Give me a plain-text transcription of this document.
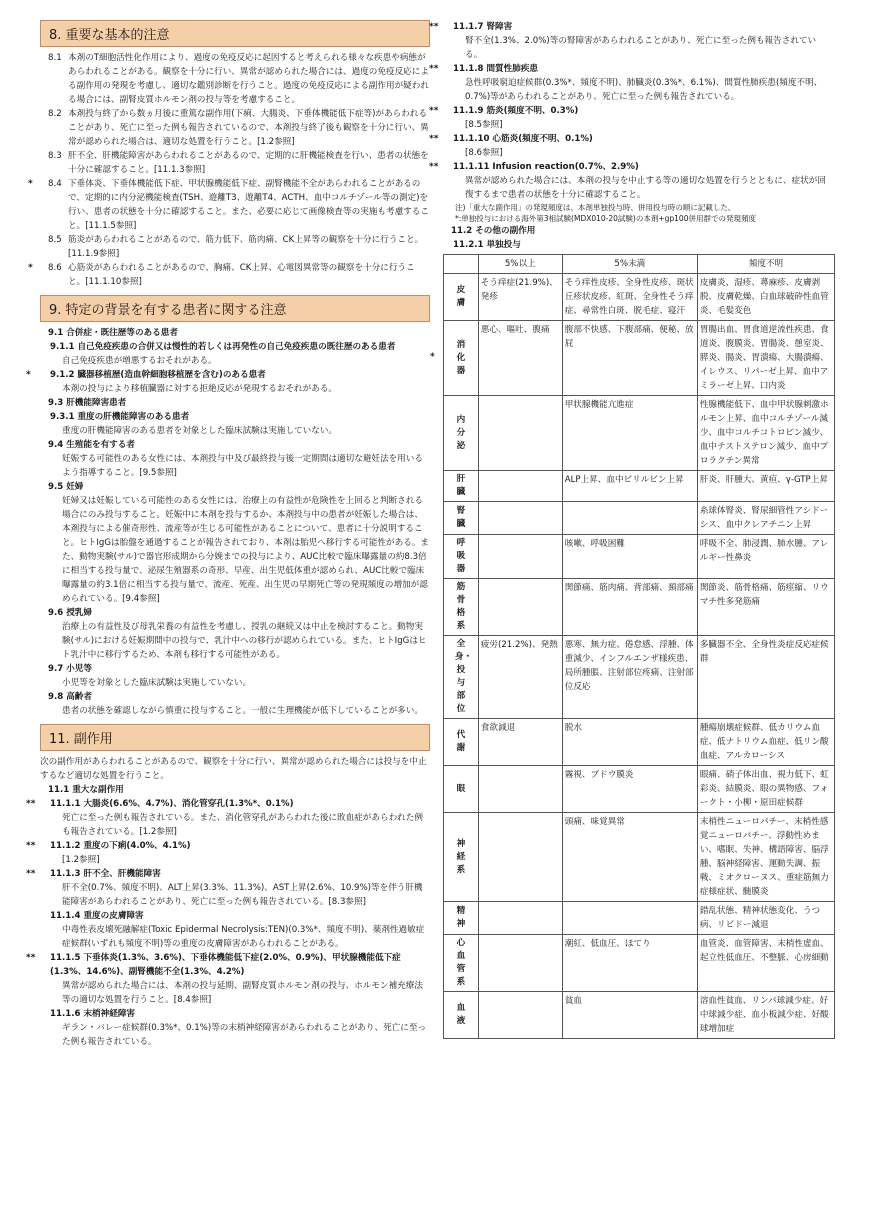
8. 重要な基本的注意
8.1 本剤のT細胞活性化作用により、過度の免疫反応に起因すると考えられる様々な疾患や病態があらわれることがある。観察を十分に行い、異常が認められた場合には、過度の免疫反応による副作用の発現を考慮し、適切な鑑別診断を行うこと。過度の免疫反応による副作用が疑われる場合には、副腎皮質ホルモン剤の投与等を考慮すること。
8.2 本剤投与終了から数ヵ月後に重篤な副作用(下痢、大腸炎、下垂体機能低下症等)があらわれることがあり、死亡に至った例も報告されているので、本剤投与終了後も観察を十分に行い、異常が認められた場合は、適切な処置を行うこと。[1.2参照]
8.3 肝不全、肝機能障害があらわれることがあるので、定期的に肝機能検査を行い、患者の状態を十分に確認すること。[11.1.3参照]
* 8.4 下垂体炎、下垂体機能低下症、甲状腺機能低下症、副腎機能不全があらわれることがあるので、定期的に内分泌機能検査(TSH、遊離T3、遊離T4、ACTH、血中コルチゾール等の測定)を行い、患者の状態を十分に確認すること。また、必要に応じて画像検査等の実施も考慮すること。[11.1.5参照]
8.5 筋炎があらわれることがあるので、筋力低下、筋肉痛、CK上昇等の観察を十分に行うこと。[11.1.9参照]
* 8.6 心筋炎があらわれることがあるので、胸痛、CK上昇、心電図異常等の観察を十分に行うこと。[11.1.10参照]
9. 特定の背景を有する患者に関する注意
9.1 合併症・既往歴等のある患者
9.1.1 自己免疫疾患の合併又は慢性的若しくは再発性の自己免疫疾患の既往歴のある患者
自己免疫疾患が増悪するおそれがある。
* 9.1.2 臓器移植歴(造血幹細胞移植歴を含む)のある患者
本剤の投与により移植臓器に対する拒絶反応が発現するおそれがある。
9.3 肝機能障害患者
9.3.1 重度の肝機能障害のある患者
重度の肝機能障害のある患者を対象とした臨床試験は実施していない。
9.4 生殖能を有する者
妊娠する可能性のある女性には、本剤投与中及び最終投与後一定期間は適切な避妊法を用いるよう指導すること。[9.5参照]
9.5 妊婦
妊婦又は妊娠している可能性のある女性には、治療上の有益性が危険性を上回ると判断される場合にのみ投与すること。妊娠中に本剤を投与するか、本剤投与中の患者が妊娠した場合は、本剤投与による催奇形性、流産等が生じる可能性があることについて、患者に十分説明すること。ヒトIgGは胎盤を通過することが報告されており、本剤は胎児へ移行する可能性がある。また、動物実験(サル)で器官形成期から分娩までの投与により、AUC比較で臨床曝露量の約8.3倍に相当する投与量で、泌尿生殖器系の奇形、早産、出生児低体重が認められ、AUC比較で臨床曝露量の約3.1倍に相当する投与量で、流産、死産、出生児の早期死亡等の発現頻度の増加が認められている。[9.4参照]
9.6 授乳婦
治療上の有益性及び母乳栄養の有益性を考慮し、授乳の継続又は中止を検討すること。動物実験(サル)における妊娠期間中の投与で、乳汁中への移行が認められている。また、ヒトIgGはヒト乳汁中に移行するため、本剤も移行する可能性がある。
9.7 小児等
小児等を対象とした臨床試験は実施していない。
9.8 高齢者
患者の状態を確認しながら慎重に投与すること。一般に生理機能が低下していることが多い。
11. 副作用
次の副作用があらわれることがあるので、観察を十分に行い、異常が認められた場合には投与を中止するなど適切な処置を行うこと。
11.1 重大な副作用
** 11.1.1 大腸炎(6.6%、4.7%)、消化管穿孔(1.3%*、0.1%)
死亡に至った例も報告されている。また、消化管穿孔があらわれた後に敗血症があらわれた例も報告されている。[1.2参照]
** 11.1.2 重度の下痢(4.0%、4.1%)
[1.2参照]
** 11.1.3 肝不全、肝機能障害
肝不全(0.7%、頻度不明)、ALT上昇(3.3%、11.3%)、AST上昇(2.6%、10.9%)等を伴う肝機能障害があらわれることがあり、死亡に至った例も報告されている。[8.3参照]
11.1.4 重度の皮膚障害
中毒性表皮壊死融解症(Toxic Epidermal Necrolysis:TEN)(0.3%*、頻度不明)、薬剤性過敏症症候群(いずれも頻度不明)等の重度の皮膚障害があらわれることがある。
** 11.1.5 下垂体炎(1.3%、3.6%)、下垂体機能低下症(2.0%、0.9%)、甲状腺機能低下症(1.3%、14.6%)、副腎機能不全(1.3%、4.2%)
異常が認められた場合には、本剤の投与延期、副腎皮質ホルモン剤の投与、ホルモン補充療法等の適切な処置を行うこと。[8.4参照]
11.1.6 末梢神経障害
ギラン・バレー症候群(0.3%*、0.1%)等の末梢神経障害があらわれることがあり、死亡に至った例も報告されている。
** 11.1.7 腎障害
腎不全(1.3%、2.0%)等の腎障害があらわれることがあり、死亡に至った例も報告されている。
** 11.1.8 間質性肺疾患
急性呼吸窮迫症候群(0.3%*、頻度不明)、肺臓炎(0.3%*、6.1%)、間質性肺疾患(頻度不明、0.7%)等があらわれることがあり、死亡に至った例も報告されている。
** 11.1.9 筋炎(頻度不明、0.3%)
[8.5参照]
** 11.1.10 心筋炎(頻度不明、0.1%)
[8.6参照]
** 11.1.11 Infusion reaction(0.7%、2.9%)
異常が認められた場合には、本剤の投与を中止する等の適切な処置を行うとともに、症状が回復するまで患者の状態を十分に確認すること。
注)「重大な副作用」の発現頻度は、本剤単独投与時、併用投与時の順に記載した。
*:単独投与における海外第3相試験(MDX010-20試験)の本剤+gp100併用群での発現頻度
11.2 その他の副作用
11.2.1 単独投与
	5%以上	5%未満	頻度不明

皮膚	そう痒症(21.9%)、発疹	そう痒性皮疹、全身性皮疹、斑状丘疹状皮疹、紅斑、全身性そう痒症、尋常性白斑、脱毛症、寝汗	皮膚炎、湿疹、蕁麻疹、皮膚剥脱、皮膚乾燥、白血球破砕性血管炎、毛髪変色

*
消化器	悪心、嘔吐、腹痛	腹部不快感、下腹部痛、便秘、放屁	胃腸出血、胃食道逆流性疾患、食道炎、腹膜炎、胃腸炎、憩室炎、膵炎、腸炎、胃潰瘍、大腸潰瘍、イレウス、リパーゼ上昇、血中アミラーゼ上昇、口内炎

内分泌		甲状腺機能亢進症	性腺機能低下、血中甲状腺刺激ホルモン上昇、血中コルチゾール減少、血中コルチコトロピン減少、血中テストステロン減少、血中プロラクチン異常

肝臓		ALP上昇、血中ビリルビン上昇	肝炎、肝腫大、黄疸、γ-GTP上昇

腎臓			糸球体腎炎、腎尿細管性アシドーシス、血中クレアチニン上昇

呼吸器		咳嗽、呼吸困難	呼吸不全、肺浸潤、肺水腫、アレルギー性鼻炎

筋骨格系		関節痛、筋肉痛、背部痛、頚部痛	関節炎、筋骨格痛、筋痙縮、リウマチ性多発筋痛

全身・投与部位	疲労(21.2%)、発熱	悪寒、無力症、倦怠感、浮腫、体重減少、インフルエンザ様疾患、局所腫脹、注射部位疼痛、注射部位反応	多臓器不全、全身性炎症反応症候群

代謝	食欲減退	脱水	腫瘍崩壊症候群、低カリウム血症、低ナトリウム血症、低リン酸血症、アルカローシス

眼		霧視、ブドウ膜炎	眼痛、硝子体出血、視力低下、虹彩炎、結膜炎、眼の異物感、フォークト・小柳・原田症候群

神経系		頭痛、味覚異常	末梢性ニューロパチー、末梢性感覚ニューロパチー、浮動性めまい、嗜眠、失神、構語障害、脳浮腫、脳神経障害、運動失調、振戦、ミオクローヌス、重症筋無力症様症状、髄膜炎

精神			錯乱状態、精神状態変化、うつ病、リビドー減退

心血管系		潮紅、低血圧、ほてり	血管炎、血管障害、末梢性虚血、起立性低血圧、不整脈、心房細動

血液		貧血	溶血性貧血、リンパ球減少症、好中球減少症、血小板減少症、好酸球増加症
